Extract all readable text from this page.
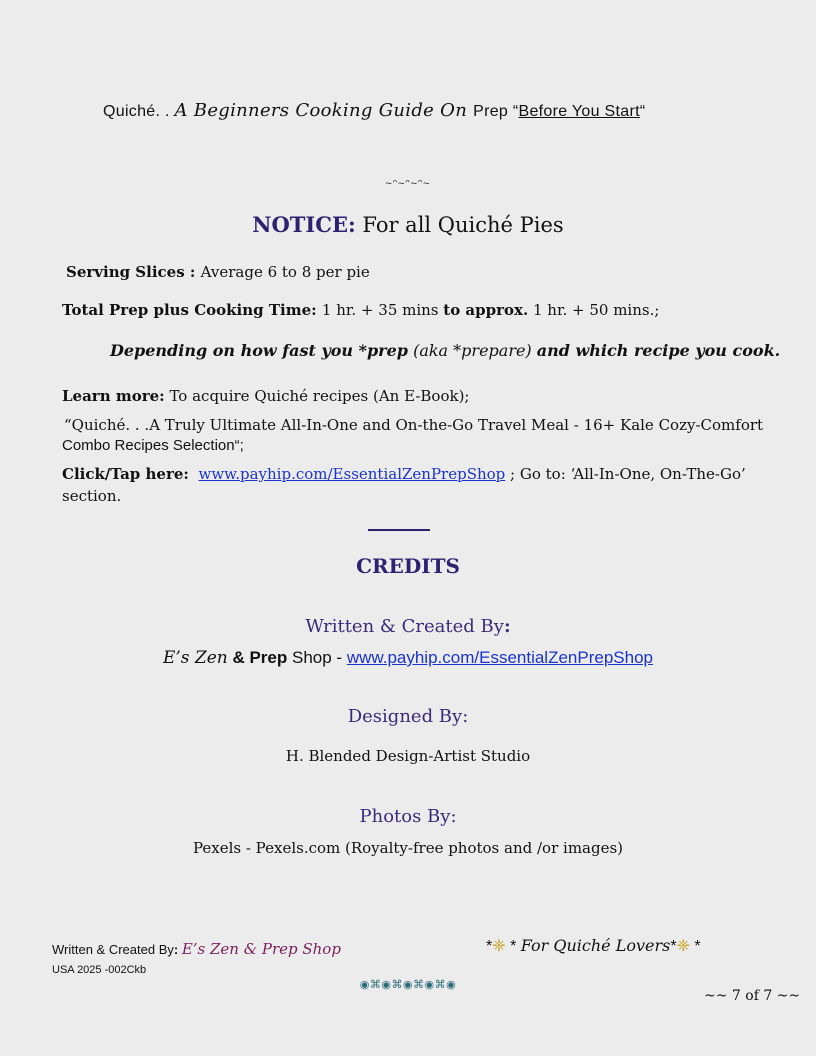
Quiché. . A Beginners Cooking Guide On Prep “Before You Start“
~ᵔ~ᵔ~ᵔ~
NOTICE: For all Quiché Pies
Serving Slices : Average 6 to 8 per pie
Total Prep plus Cooking Time: 1 hr. + 35 mins to approx. 1 hr. + 50 mins.;
Depending on how fast you *prep (aka *prepare) and which recipe you cook.
Learn more: To acquire Quiché recipes (An E-Book);
“Quiché. . .A Truly Ultimate All-In-One and On-the-Go Travel Meal - 16+ Kale Cozy-Comfort
Combo Recipes Selection“;
Click/Tap here: www.payhip.com/EssentialZenPrepShop ; Go to: ‘All-In-One, On-The-Go’
section.
CREDITS
Written & Created By:
E’s Zen & Prep Shop - www.payhip.com/EssentialZenPrepShop
Designed By:
H. Blended Design-Artist Studio
Photos By:
Pexels - Pexels.com (Royalty-free photos and /or images)
Written & Created By: E’s Zen & Prep Shop
USA 2025 -002Ckb
*❈ * For Quiché Lovers*❈ *
◉⌘◉⌘◉⌘◉⌘◉
~~ 7 of 7 ~~
